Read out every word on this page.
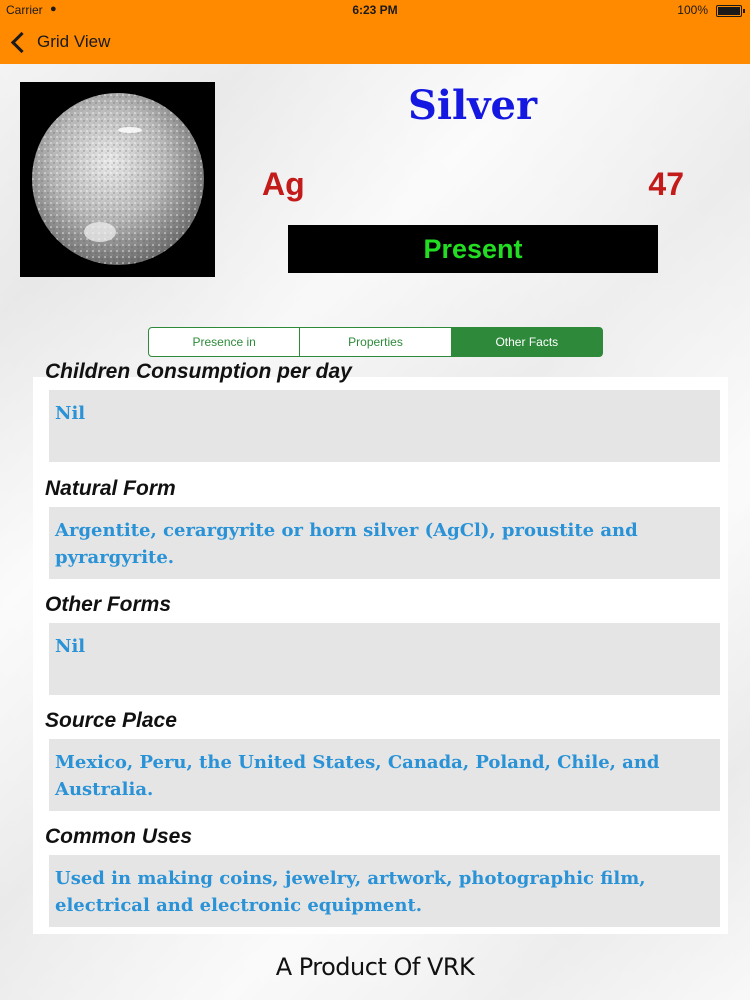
Carrier ●	6:23 PM	100%
Grid View
Silver
Ag	47
Present
Presence in	Properties	Other Facts
Children Consumption per day
Nil
Natural Form
Argentite, cerargyrite or horn silver (AgCl), proustite and pyrargyrite.
Other Forms
Nil
Source Place
Mexico, Peru, the United States, Canada, Poland, Chile, and Australia.
Common Uses
Used in making coins, jewelry, artwork, photographic film, electrical and electronic equipment.
A Product Of VRK
